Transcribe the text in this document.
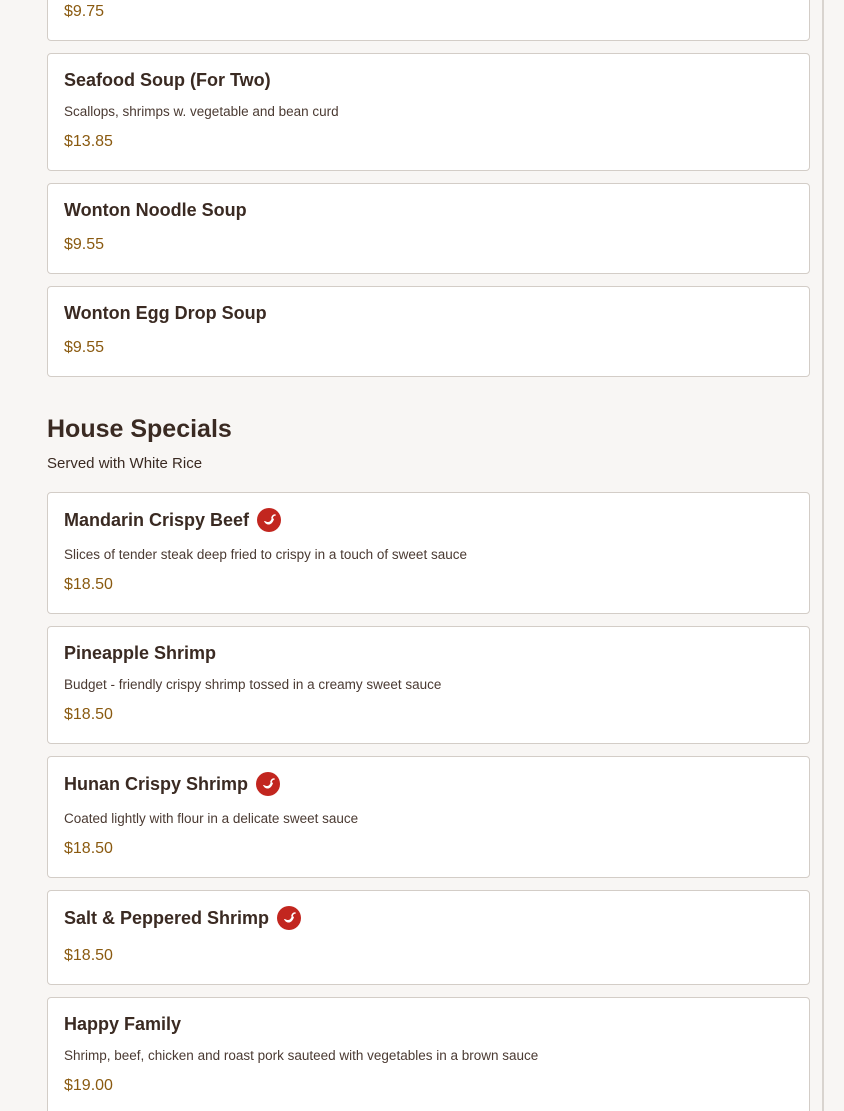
$9.75
Seafood Soup (For Two)
Scallops, shrimps w. vegetable and bean curd
$13.85
Wonton Noodle Soup
$9.55
Wonton Egg Drop Soup
$9.55
House Specials
Served with White Rice
Mandarin Crispy Beef
Slices of tender steak deep fried to crispy in a touch of sweet sauce
$18.50
Pineapple Shrimp
Budget - friendly crispy shrimp tossed in a creamy sweet sauce
$18.50
Hunan Crispy Shrimp
Coated lightly with flour in a delicate sweet sauce
$18.50
Salt & Peppered Shrimp
$18.50
Happy Family
Shrimp, beef, chicken and roast pork sauteed with vegetables in a brown sauce
$19.00
